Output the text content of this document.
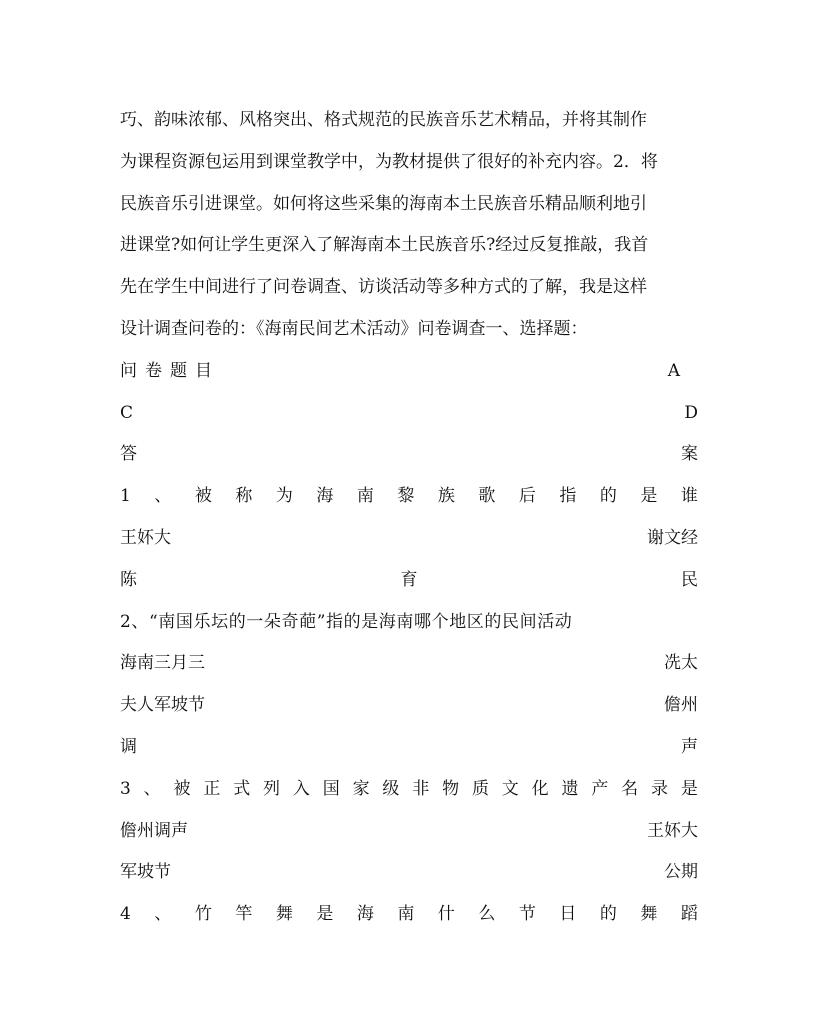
巧、韵味浓郁、风格突出、格式规范的民族音乐艺术精品，并将其制作
为课程资源包运用到课堂教学中，为教材提供了很好的补充内容。2．将
民族音乐引进课堂。如何将这些采集的海南本土民族音乐精品顺利地引
进课堂?如何让学生更深入了解海南本土民族音乐?经过反复推敲，我首
先在学生中间进行了问卷调查、访谈活动等多种方式的了解，我是这样
设计调查问卷的：《海南民间艺术活动》问卷调查一、选择题：
问卷题目	A
C	D
答	案
1 、 被 称 为 海 南 黎 族 歌 后 指 的 是 谁
王妚大	谢文经
陈	育	民
2、“南国乐坛的一朵奇葩”指的是海南哪个地区的民间活动
海南三月三	冼太
夫人军坡节	儋州
调	声
3 、 被 正 式 列 入 国 家 级 非 物 质 文 化 遗 产 名 录 是
儋州调声	王妚大
军坡节	公期
4 、 竹 竿 舞 是 海 南 什 么 节 日 的 舞 蹈
